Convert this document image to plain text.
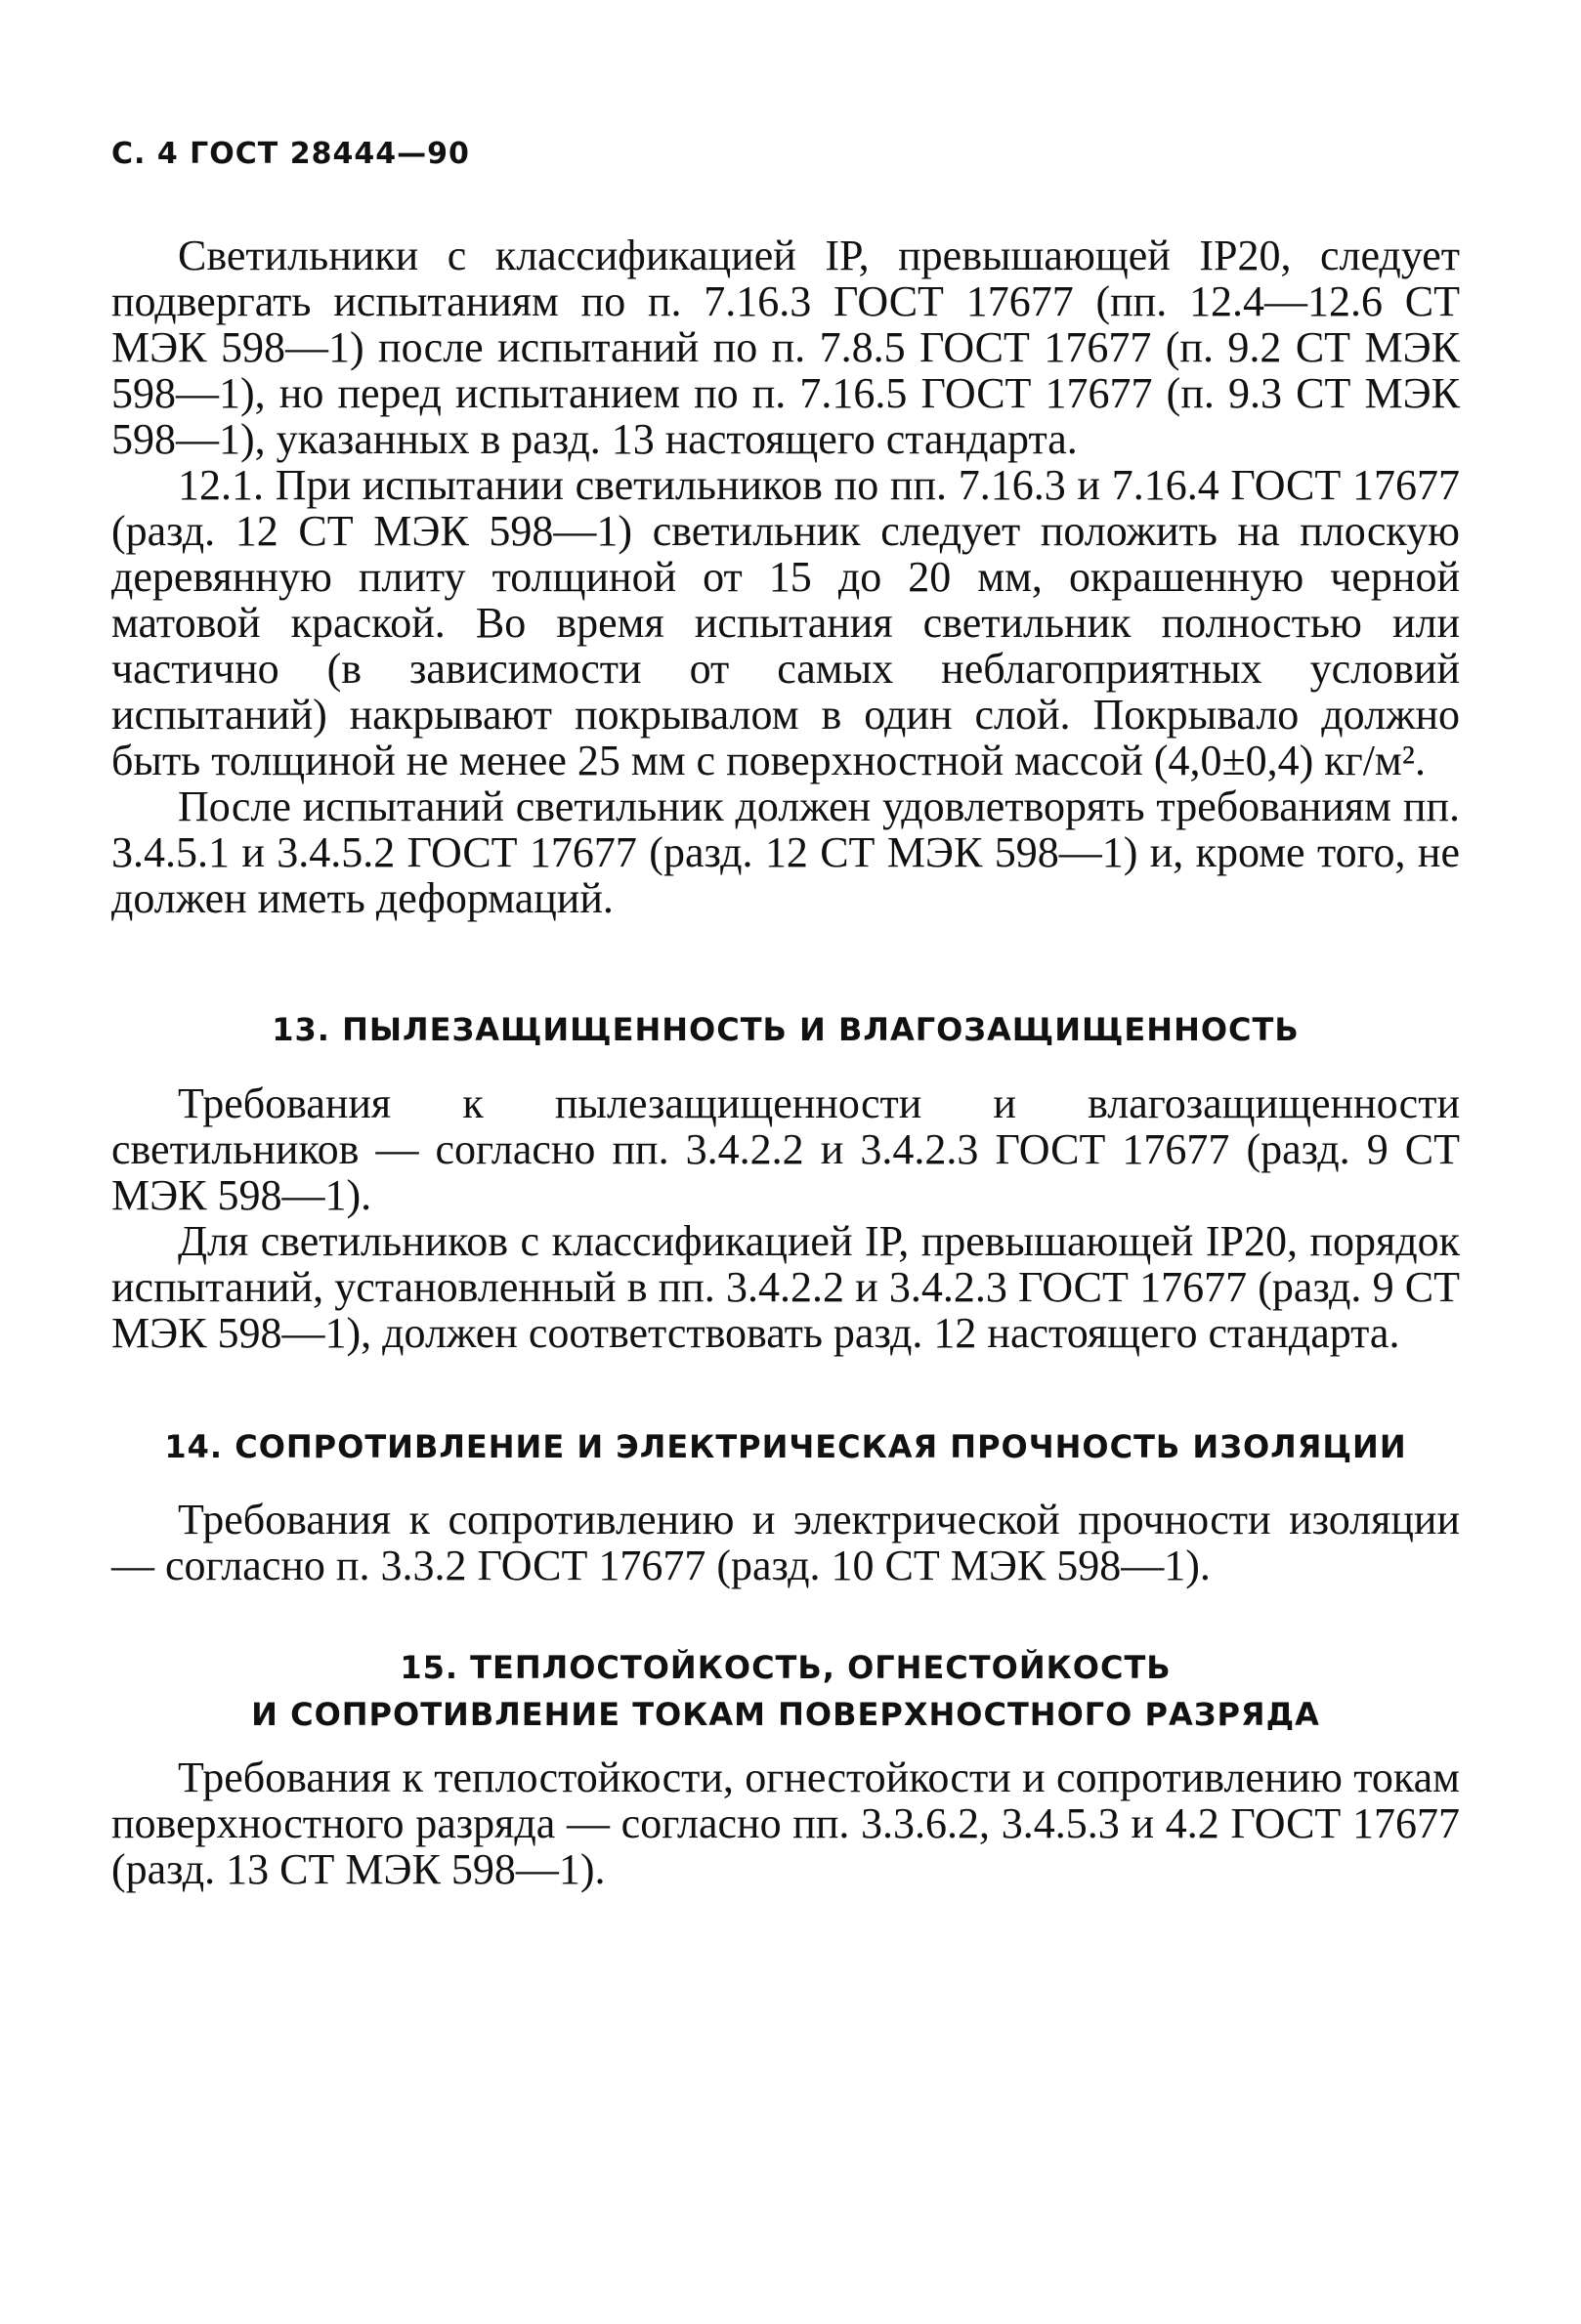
С. 4 ГОСТ 28444—90

Светильники с классификацией IP, превышающей IP20, следует подвергать испытаниям по п. 7.16.3 ГОСТ 17677 (пп. 12.4—12.6 СТ МЭК 598—1) после испытаний по п. 7.8.5 ГОСТ 17677 (п. 9.2 СТ МЭК 598—1), но перед испытанием по п. 7.16.5 ГОСТ 17677 (п. 9.3 СТ МЭК 598—1), указанных в разд. 13 настоящего стандарта.

12.1. При испытании светильников по пп. 7.16.3 и 7.16.4 ГОСТ 17677 (разд. 12 СТ МЭК 598—1) светильник следует положить на плоскую деревянную плиту толщиной от 15 до 20 мм, окрашенную черной матовой краской. Во время испытания светильник полностью или частично (в зависимости от самых неблагоприятных условий испытаний) накрывают покрывалом в один слой. Покрывало должно быть толщиной не менее 25 мм с поверхностной массой (4,0±0,4) кг/м².

После испытаний светильник должен удовлетворять требованиям пп. 3.4.5.1 и 3.4.5.2 ГОСТ 17677 (разд. 12 СТ МЭК 598—1) и, кроме того, не должен иметь деформаций.

13. ПЫЛЕЗАЩИЩЕННОСТЬ И ВЛАГОЗАЩИЩЕННОСТЬ

Требования к пылезащищенности и влагозащищенности светильников — согласно пп. 3.4.2.2 и 3.4.2.3 ГОСТ 17677 (разд. 9 СТ МЭК 598—1).

Для светильников с классификацией IP, превышающей IP20, порядок испытаний, установленный в пп. 3.4.2.2 и 3.4.2.3 ГОСТ 17677 (разд. 9 СТ МЭК 598—1), должен соответствовать разд. 12 настоящего стандарта.

14. СОПРОТИВЛЕНИЕ И ЭЛЕКТРИЧЕСКАЯ ПРОЧНОСТЬ ИЗОЛЯЦИИ

Требования к сопротивлению и электрической прочности изоляции — согласно п. 3.3.2 ГОСТ 17677 (разд. 10 СТ МЭК 598—1).

15. ТЕПЛОСТОЙКОСТЬ, ОГНЕСТОЙКОСТЬ
И СОПРОТИВЛЕНИЕ ТОКАМ ПОВЕРХНОСТНОГО РАЗРЯДА

Требования к теплостойкости, огнестойкости и сопротивлению токам поверхностного разряда — согласно пп. 3.3.6.2, 3.4.5.3 и 4.2 ГОСТ 17677 (разд. 13 СТ МЭК 598—1).
